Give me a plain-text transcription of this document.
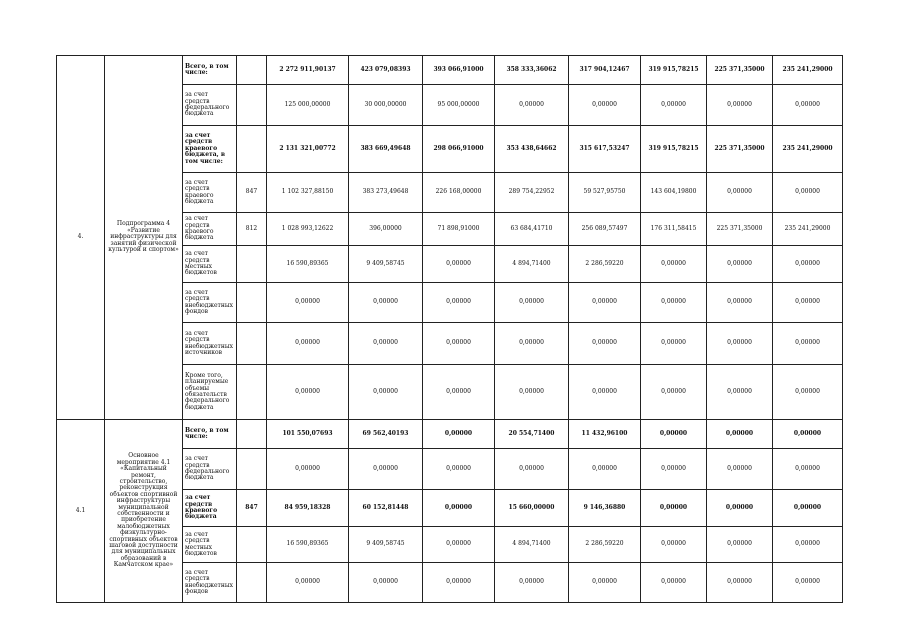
4.	Подпрограмма 4 «Развитие инфраструктуры для занятий физической культурой и спортом»	Всего, в том числе:		2 272 911,90137	423 079,08393	393 066,91000	358 333,36062	317 904,12467	319 915,78215	225 371,35000	235 241,29000
		за счет средств федерального бюджета		125 000,00000	30 000,00000	95 000,00000	0,00000	0,00000	0,00000	0,00000	0,00000
		за счет средств краевого бюджета, в том числе:		2 131 321,00772	383 669,49648	298 066,91000	353 438,64662	315 617,53247	319 915,78215	225 371,35000	235 241,29000
		за счет средств краевого бюджета	847	1 102 327,88150	383 273,49648	226 168,00000	289 754,22952	59 527,95750	143 604,19800	0,00000	0,00000
		за счет средств краевого бюджета	812	1 028 993,12622	396,00000	71 898,91000	63 684,41710	256 089,57497	176 311,58415	225 371,35000	235 241,29000
		за счет средств местных бюджетов		16 590,89365	9 409,58745	0,00000	4 894,71400	2 286,59220	0,00000	0,00000	0,00000
		за счет средств внебюджетных фондов		0,00000	0,00000	0,00000	0,00000	0,00000	0,00000	0,00000	0,00000
		за счет средств внебюджетных источников		0,00000	0,00000	0,00000	0,00000	0,00000	0,00000	0,00000	0,00000
		Кроме того, планируемые объемы обязательств федерального бюджета		0,00000	0,00000	0,00000	0,00000	0,00000	0,00000	0,00000	0,00000
4.1	Основное мероприятие 4.1 «Капитальный ремонт, строительство, реконструкция объектов спортивной инфраструктуры муниципальной собственности и приобретение малобюджетных физкультурно-спортивных объектов шаговой доступности для муниципальных образований в Камчатском крае»	Всего, в том числе:		101 550,07693	69 562,40193	0,00000	20 554,71400	11 432,96100	0,00000	0,00000	0,00000
		за счет средств федерального бюджета		0,00000	0,00000	0,00000	0,00000	0,00000	0,00000	0,00000	0,00000
		за счет средств краевого бюджета	847	84 959,18328	60 152,81448	0,00000	15 660,00000	9 146,36880	0,00000	0,00000	0,00000
		за счет средств местных бюджетов		16 590,89365	9 409,58745	0,00000	4 894,71400	2 286,59220	0,00000	0,00000	0,00000
		за счет средств внебюджетных фондов		0,00000	0,00000	0,00000	0,00000	0,00000	0,00000	0,00000	0,00000
